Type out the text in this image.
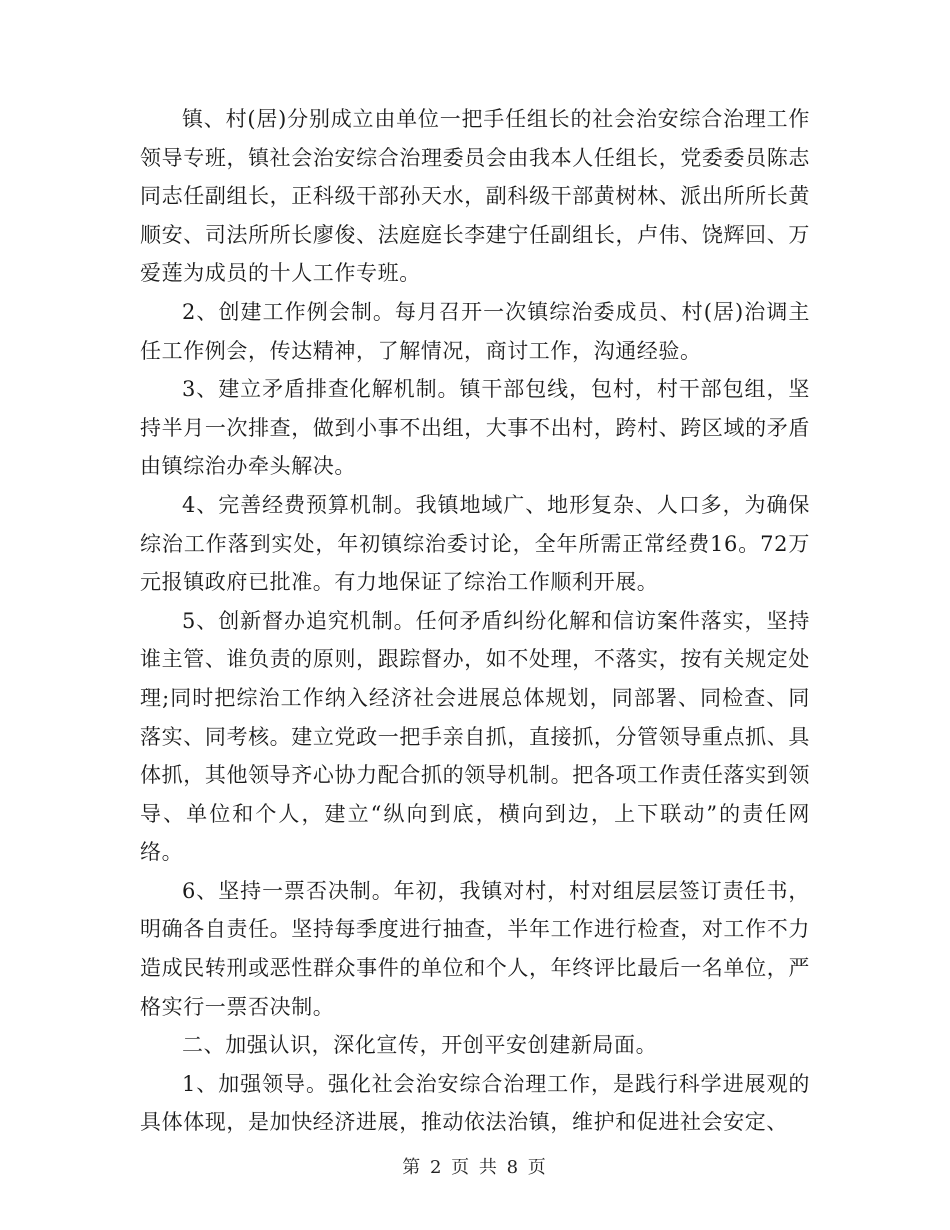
镇、村(居)分别成立由单位一把手任组长的社会治安综合治理工作领导专班，镇社会治安综合治理委员会由我本人任组长，党委委员陈志同志任副组长，正科级干部孙天水，副科级干部黄树林、派出所所长黄顺安、司法所所长廖俊、法庭庭长李建宁任副组长，卢伟、饶辉回、万爱莲为成员的十人工作专班。

2、创建工作例会制。每月召开一次镇综治委成员、村(居)治调主任工作例会，传达精神，了解情况，商讨工作，沟通经验。

3、建立矛盾排查化解机制。镇干部包线，包村，村干部包组，坚持半月一次排查，做到小事不出组，大事不出村，跨村、跨区域的矛盾由镇综治办牵头解决。

4、完善经费预算机制。我镇地域广、地形复杂、人口多，为确保综治工作落到实处，年初镇综治委讨论，全年所需正常经费16。72万元报镇政府已批准。有力地保证了综治工作顺利开展。

5、创新督办追究机制。任何矛盾纠纷化解和信访案件落实，坚持谁主管、谁负责的原则，跟踪督办，如不处理，不落实，按有关规定处理;同时把综治工作纳入经济社会进展总体规划，同部署、同检查、同落实、同考核。建立党政一把手亲自抓，直接抓，分管领导重点抓、具体抓，其他领导齐心协力配合抓的领导机制。把各项工作责任落实到领导、单位和个人，建立“纵向到底，横向到边，上下联动”的责任网络。

6、坚持一票否决制。年初，我镇对村，村对组层层签订责任书，明确各自责任。坚持每季度进行抽查，半年工作进行检查，对工作不力造成民转刑或恶性群众事件的单位和个人，年终评比最后一名单位，严格实行一票否决制。

二、加强认识，深化宣传，开创平安创建新局面。

1、加强领导。强化社会治安综合治理工作，是践行科学进展观的具体体现，是加快经济进展，推动依法治镇，维护和促进社会安定、

第 2 页 共 8 页
